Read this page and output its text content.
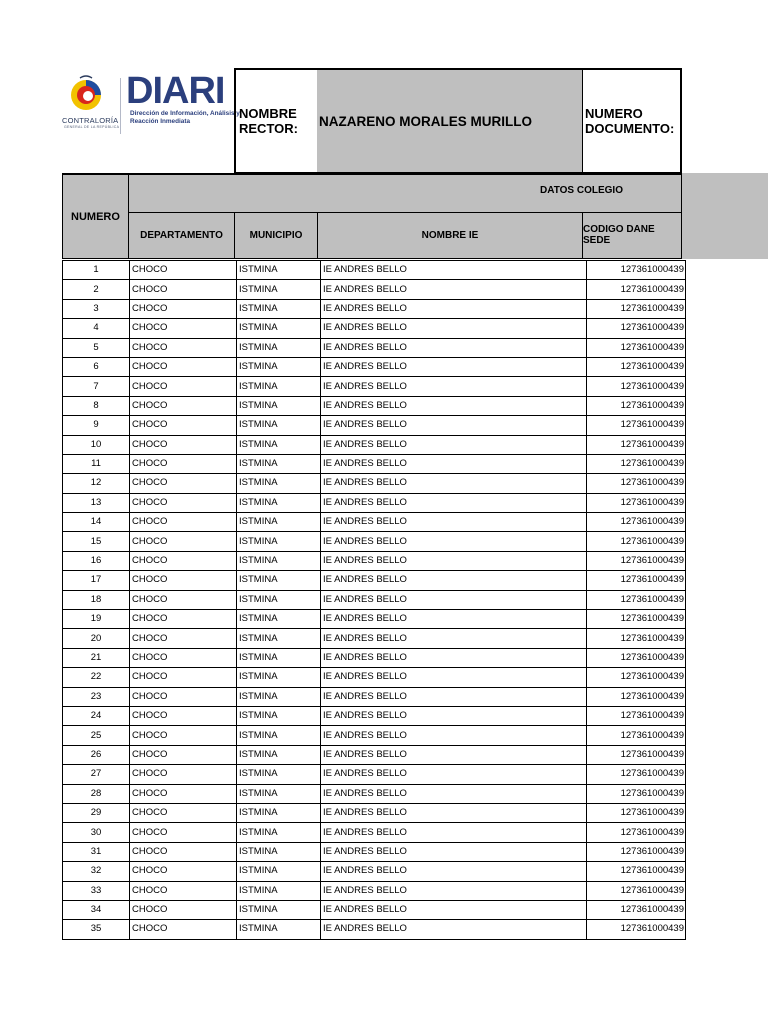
CONTRALORÍA
GENERAL DE LA REPÚBLICA
DIARI
Dirección de Información, Análisis y Reacción Inmediata	NOMBRE RECTOR:	NAZARENO MORALES MURILLO	NUMERO DOCUMENTO:
NUMERO
DATOS COLEGIO
DEPARTAMENTO	MUNICIPIO	NOMBRE IE	CODIGO DANE SEDE
1	CHOCO	ISTMINA	IE ANDRES BELLO	127361000439
2	CHOCO	ISTMINA	IE ANDRES BELLO	127361000439
3	CHOCO	ISTMINA	IE ANDRES BELLO	127361000439
4	CHOCO	ISTMINA	IE ANDRES BELLO	127361000439
5	CHOCO	ISTMINA	IE ANDRES BELLO	127361000439
6	CHOCO	ISTMINA	IE ANDRES BELLO	127361000439
7	CHOCO	ISTMINA	IE ANDRES BELLO	127361000439
8	CHOCO	ISTMINA	IE ANDRES BELLO	127361000439
9	CHOCO	ISTMINA	IE ANDRES BELLO	127361000439
10	CHOCO	ISTMINA	IE ANDRES BELLO	127361000439
11	CHOCO	ISTMINA	IE ANDRES BELLO	127361000439
12	CHOCO	ISTMINA	IE ANDRES BELLO	127361000439
13	CHOCO	ISTMINA	IE ANDRES BELLO	127361000439
14	CHOCO	ISTMINA	IE ANDRES BELLO	127361000439
15	CHOCO	ISTMINA	IE ANDRES BELLO	127361000439
16	CHOCO	ISTMINA	IE ANDRES BELLO	127361000439
17	CHOCO	ISTMINA	IE ANDRES BELLO	127361000439
18	CHOCO	ISTMINA	IE ANDRES BELLO	127361000439
19	CHOCO	ISTMINA	IE ANDRES BELLO	127361000439
20	CHOCO	ISTMINA	IE ANDRES BELLO	127361000439
21	CHOCO	ISTMINA	IE ANDRES BELLO	127361000439
22	CHOCO	ISTMINA	IE ANDRES BELLO	127361000439
23	CHOCO	ISTMINA	IE ANDRES BELLO	127361000439
24	CHOCO	ISTMINA	IE ANDRES BELLO	127361000439
25	CHOCO	ISTMINA	IE ANDRES BELLO	127361000439
26	CHOCO	ISTMINA	IE ANDRES BELLO	127361000439
27	CHOCO	ISTMINA	IE ANDRES BELLO	127361000439
28	CHOCO	ISTMINA	IE ANDRES BELLO	127361000439
29	CHOCO	ISTMINA	IE ANDRES BELLO	127361000439
30	CHOCO	ISTMINA	IE ANDRES BELLO	127361000439
31	CHOCO	ISTMINA	IE ANDRES BELLO	127361000439
32	CHOCO	ISTMINA	IE ANDRES BELLO	127361000439
33	CHOCO	ISTMINA	IE ANDRES BELLO	127361000439
34	CHOCO	ISTMINA	IE ANDRES BELLO	127361000439
35	CHOCO	ISTMINA	IE ANDRES BELLO	127361000439
